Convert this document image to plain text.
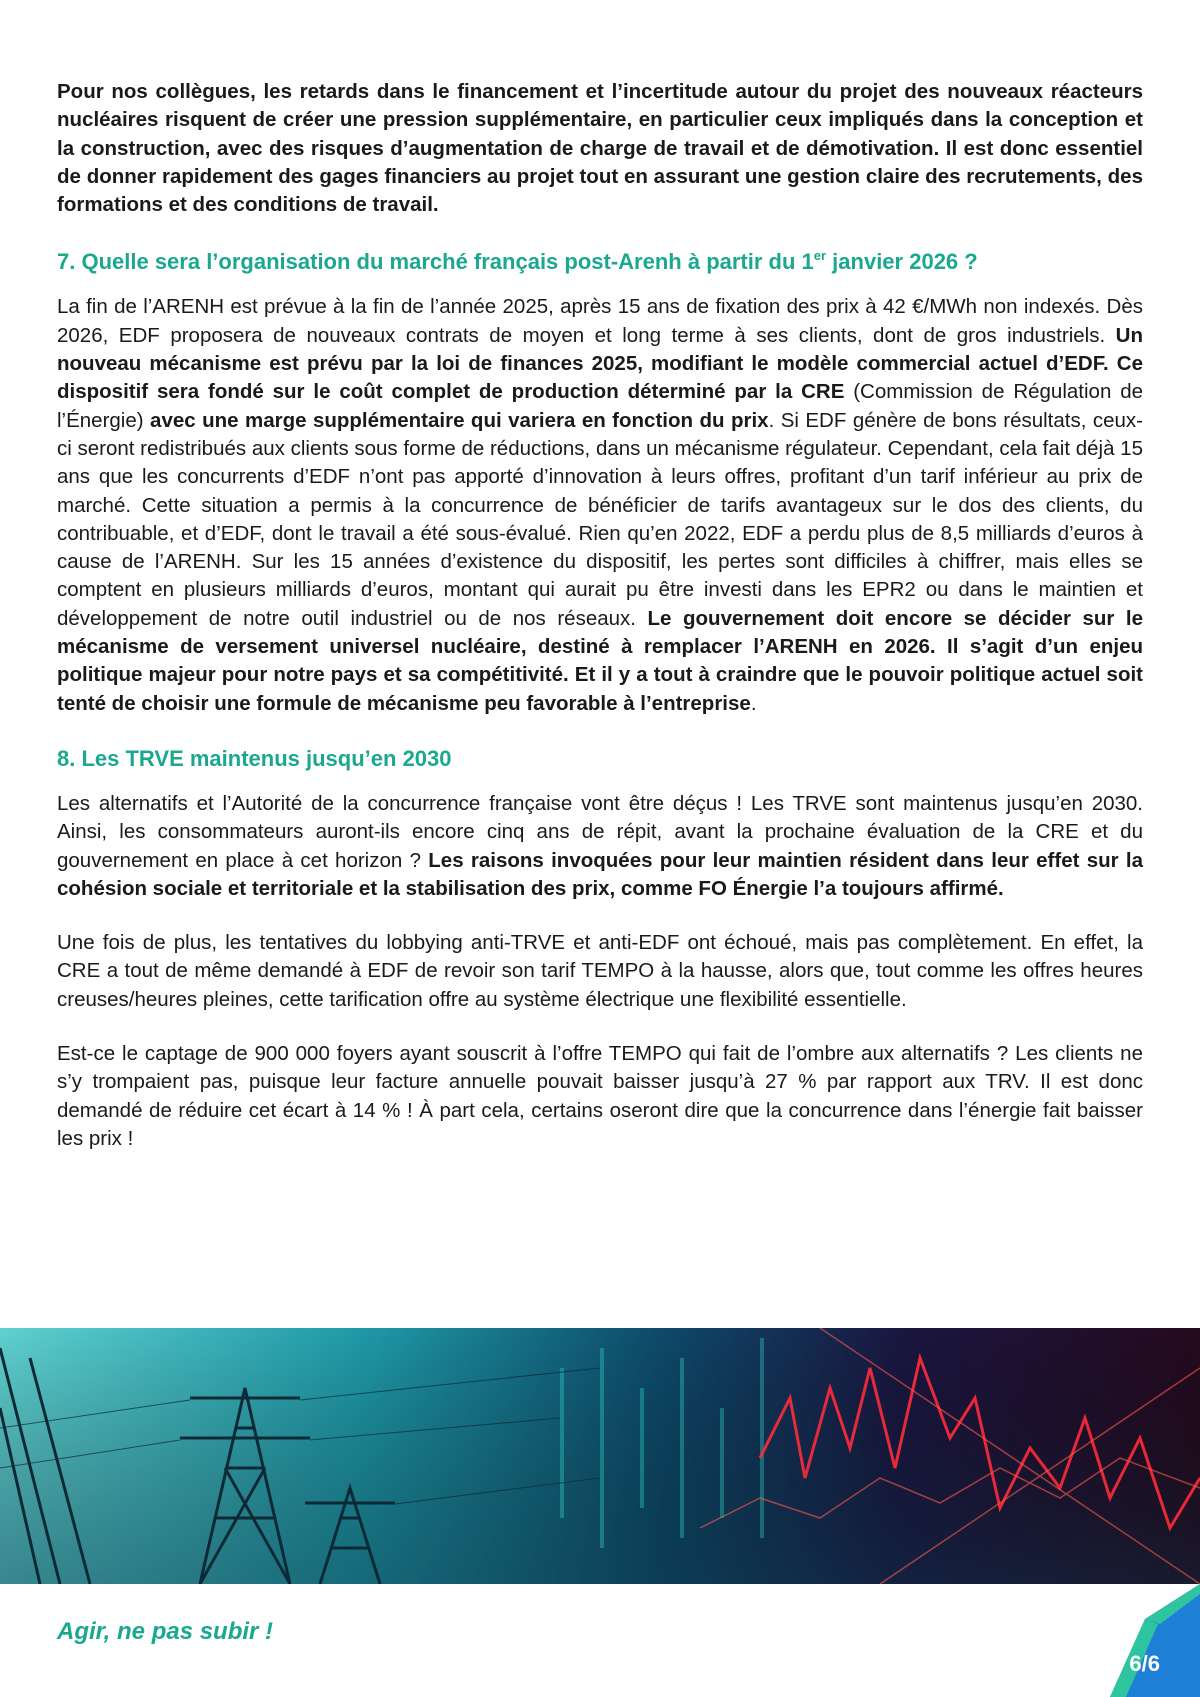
Pour nos collègues, les retards dans le financement et l’incertitude autour du projet des nouveaux réacteurs nucléaires risquent de créer une pression supplémentaire, en particulier ceux impliqués dans la conception et la construction, avec des risques d’augmentation de charge de travail et de démotivation. Il est donc essentiel de donner rapidement des gages financiers au projet tout en assurant une gestion claire des recrutements, des formations et des conditions de travail.

7. Quelle sera l’organisation du marché français post-Arenh à partir du 1er janvier 2026 ?

La fin de l’ARENH est prévue à la fin de l’année 2025, après 15 ans de fixation des prix à 42 €/MWh non indexés. Dès 2026, EDF proposera de nouveaux contrats de moyen et long terme à ses clients, dont de gros industriels. Un nouveau mécanisme est prévu par la loi de finances 2025, modifiant le modèle commercial actuel d’EDF. Ce dispositif sera fondé sur le coût complet de production déterminé par la CRE (Commission de Régulation de l’Énergie) avec une marge supplémentaire qui variera en fonction du prix. Si EDF génère de bons résultats, ceux-ci seront redistribués aux clients sous forme de réductions, dans un mécanisme régulateur. Cependant, cela fait déjà 15 ans que les concurrents d’EDF n’ont pas apporté d’innovation à leurs offres, profitant d’un tarif inférieur au prix de marché. Cette situation a permis à la concurrence de bénéficier de tarifs avantageux sur le dos des clients, du contribuable, et d’EDF, dont le travail a été sous-évalué. Rien qu’en 2022, EDF a perdu plus de 8,5 milliards d’euros à cause de l’ARENH. Sur les 15 années d’existence du dispositif, les pertes sont difficiles à chiffrer, mais elles se comptent en plusieurs milliards d’euros, montant qui aurait pu être investi dans les EPR2 ou dans le maintien et développement de notre outil industriel ou de nos réseaux. Le gouvernement doit encore se décider sur le mécanisme de versement universel nucléaire, destiné à remplacer l’ARENH en 2026. Il s’agit d’un enjeu politique majeur pour notre pays et sa compétitivité. Et il y a tout à craindre que le pouvoir politique actuel soit tenté de choisir une formule de mécanisme peu favorable à l’entreprise.

8. Les TRVE maintenus jusqu’en 2030

Les alternatifs et l’Autorité de la concurrence française vont être déçus ! Les TRVE sont maintenus jusqu’en 2030. Ainsi, les consommateurs auront-ils encore cinq ans de répit, avant la prochaine évaluation de la CRE et du gouvernement en place à cet horizon ? Les raisons invoquées pour leur maintien résident dans leur effet sur la cohésion sociale et territoriale et la stabilisation des prix, comme FO Énergie l’a toujours affirmé.

Une fois de plus, les tentatives du lobbying anti-TRVE et anti-EDF ont échoué, mais pas complètement. En effet, la CRE a tout de même demandé à EDF de revoir son tarif TEMPO à la hausse, alors que, tout comme les offres heures creuses/heures pleines, cette tarification offre au système électrique une flexibilité essentielle.

Est-ce le captage de 900 000 foyers ayant souscrit à l’offre TEMPO qui fait de l’ombre aux alternatifs ? Les clients ne s’y trompaient pas, puisque leur facture annuelle pouvait baisser jusqu’à 27 % par rapport aux TRV. Il est donc demandé de réduire cet écart à 14 % ! À part cela, certains oseront dire que la concurrence dans l’énergie fait baisser les prix !

Agir, ne pas subir !
6/6
